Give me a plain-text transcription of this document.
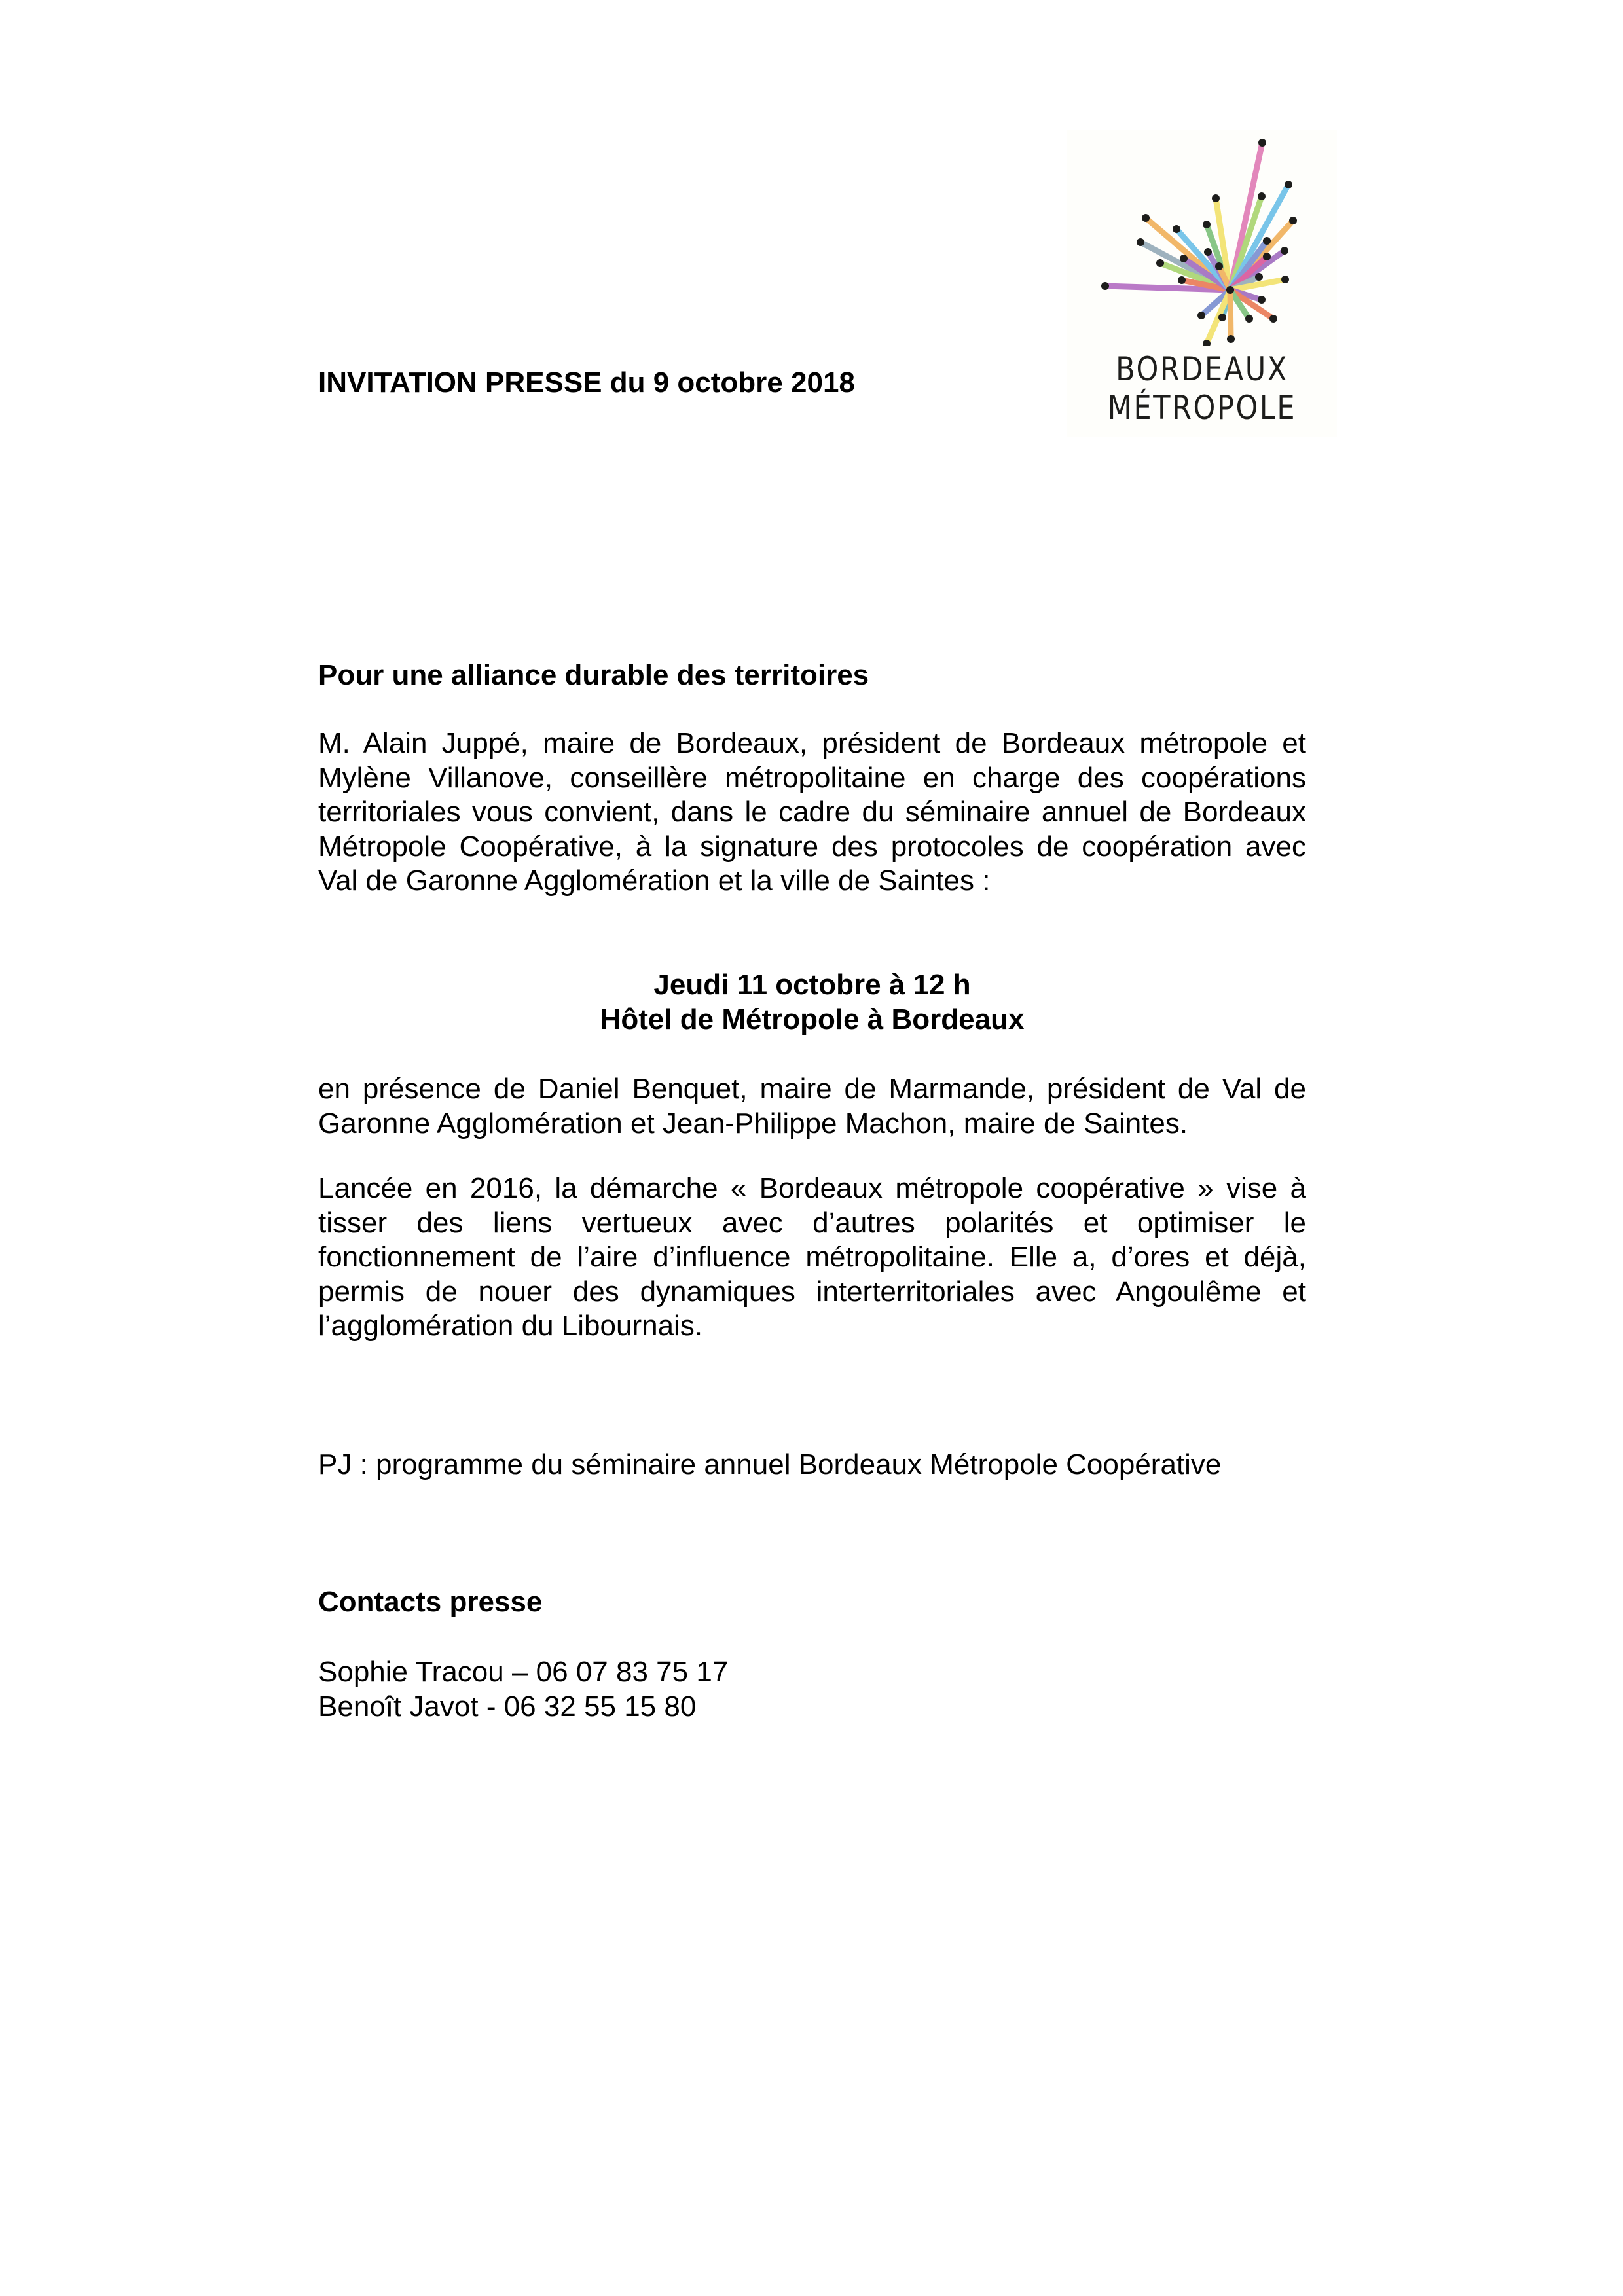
BORDEAUX
MÉTROPOLE
INVITATION PRESSE du 9 octobre 2018
Pour une alliance durable des territoires

M. Alain Juppé, maire de Bordeaux, président de Bordeaux métropole et Mylène Villanove, conseillère métropolitaine en charge des coopérations territoriales vous convient, dans le cadre du séminaire annuel de Bordeaux Métropole Coopérative, à la signature des protocoles de coopération avec Val de Garonne Agglomération et la ville de Saintes :

Jeudi 11 octobre à 12 h
Hôtel de Métropole à Bordeaux

en présence de Daniel Benquet, maire de Marmande, président de Val de Garonne Agglomération et Jean-Philippe Machon, maire de Saintes.

Lancée en 2016, la démarche « Bordeaux métropole coopérative » vise à tisser des liens vertueux avec d’autres polarités et optimiser le fonctionnement de l’aire d’influence métropolitaine. Elle a, d’ores et déjà, permis de nouer des dynamiques interterritoriales avec Angoulême et l’agglomération du Libournais.

PJ : programme du séminaire annuel Bordeaux Métropole Coopérative

Contacts presse
Sophie Tracou – 06 07 83 75 17
Benoît Javot - 06 32 55 15 80
